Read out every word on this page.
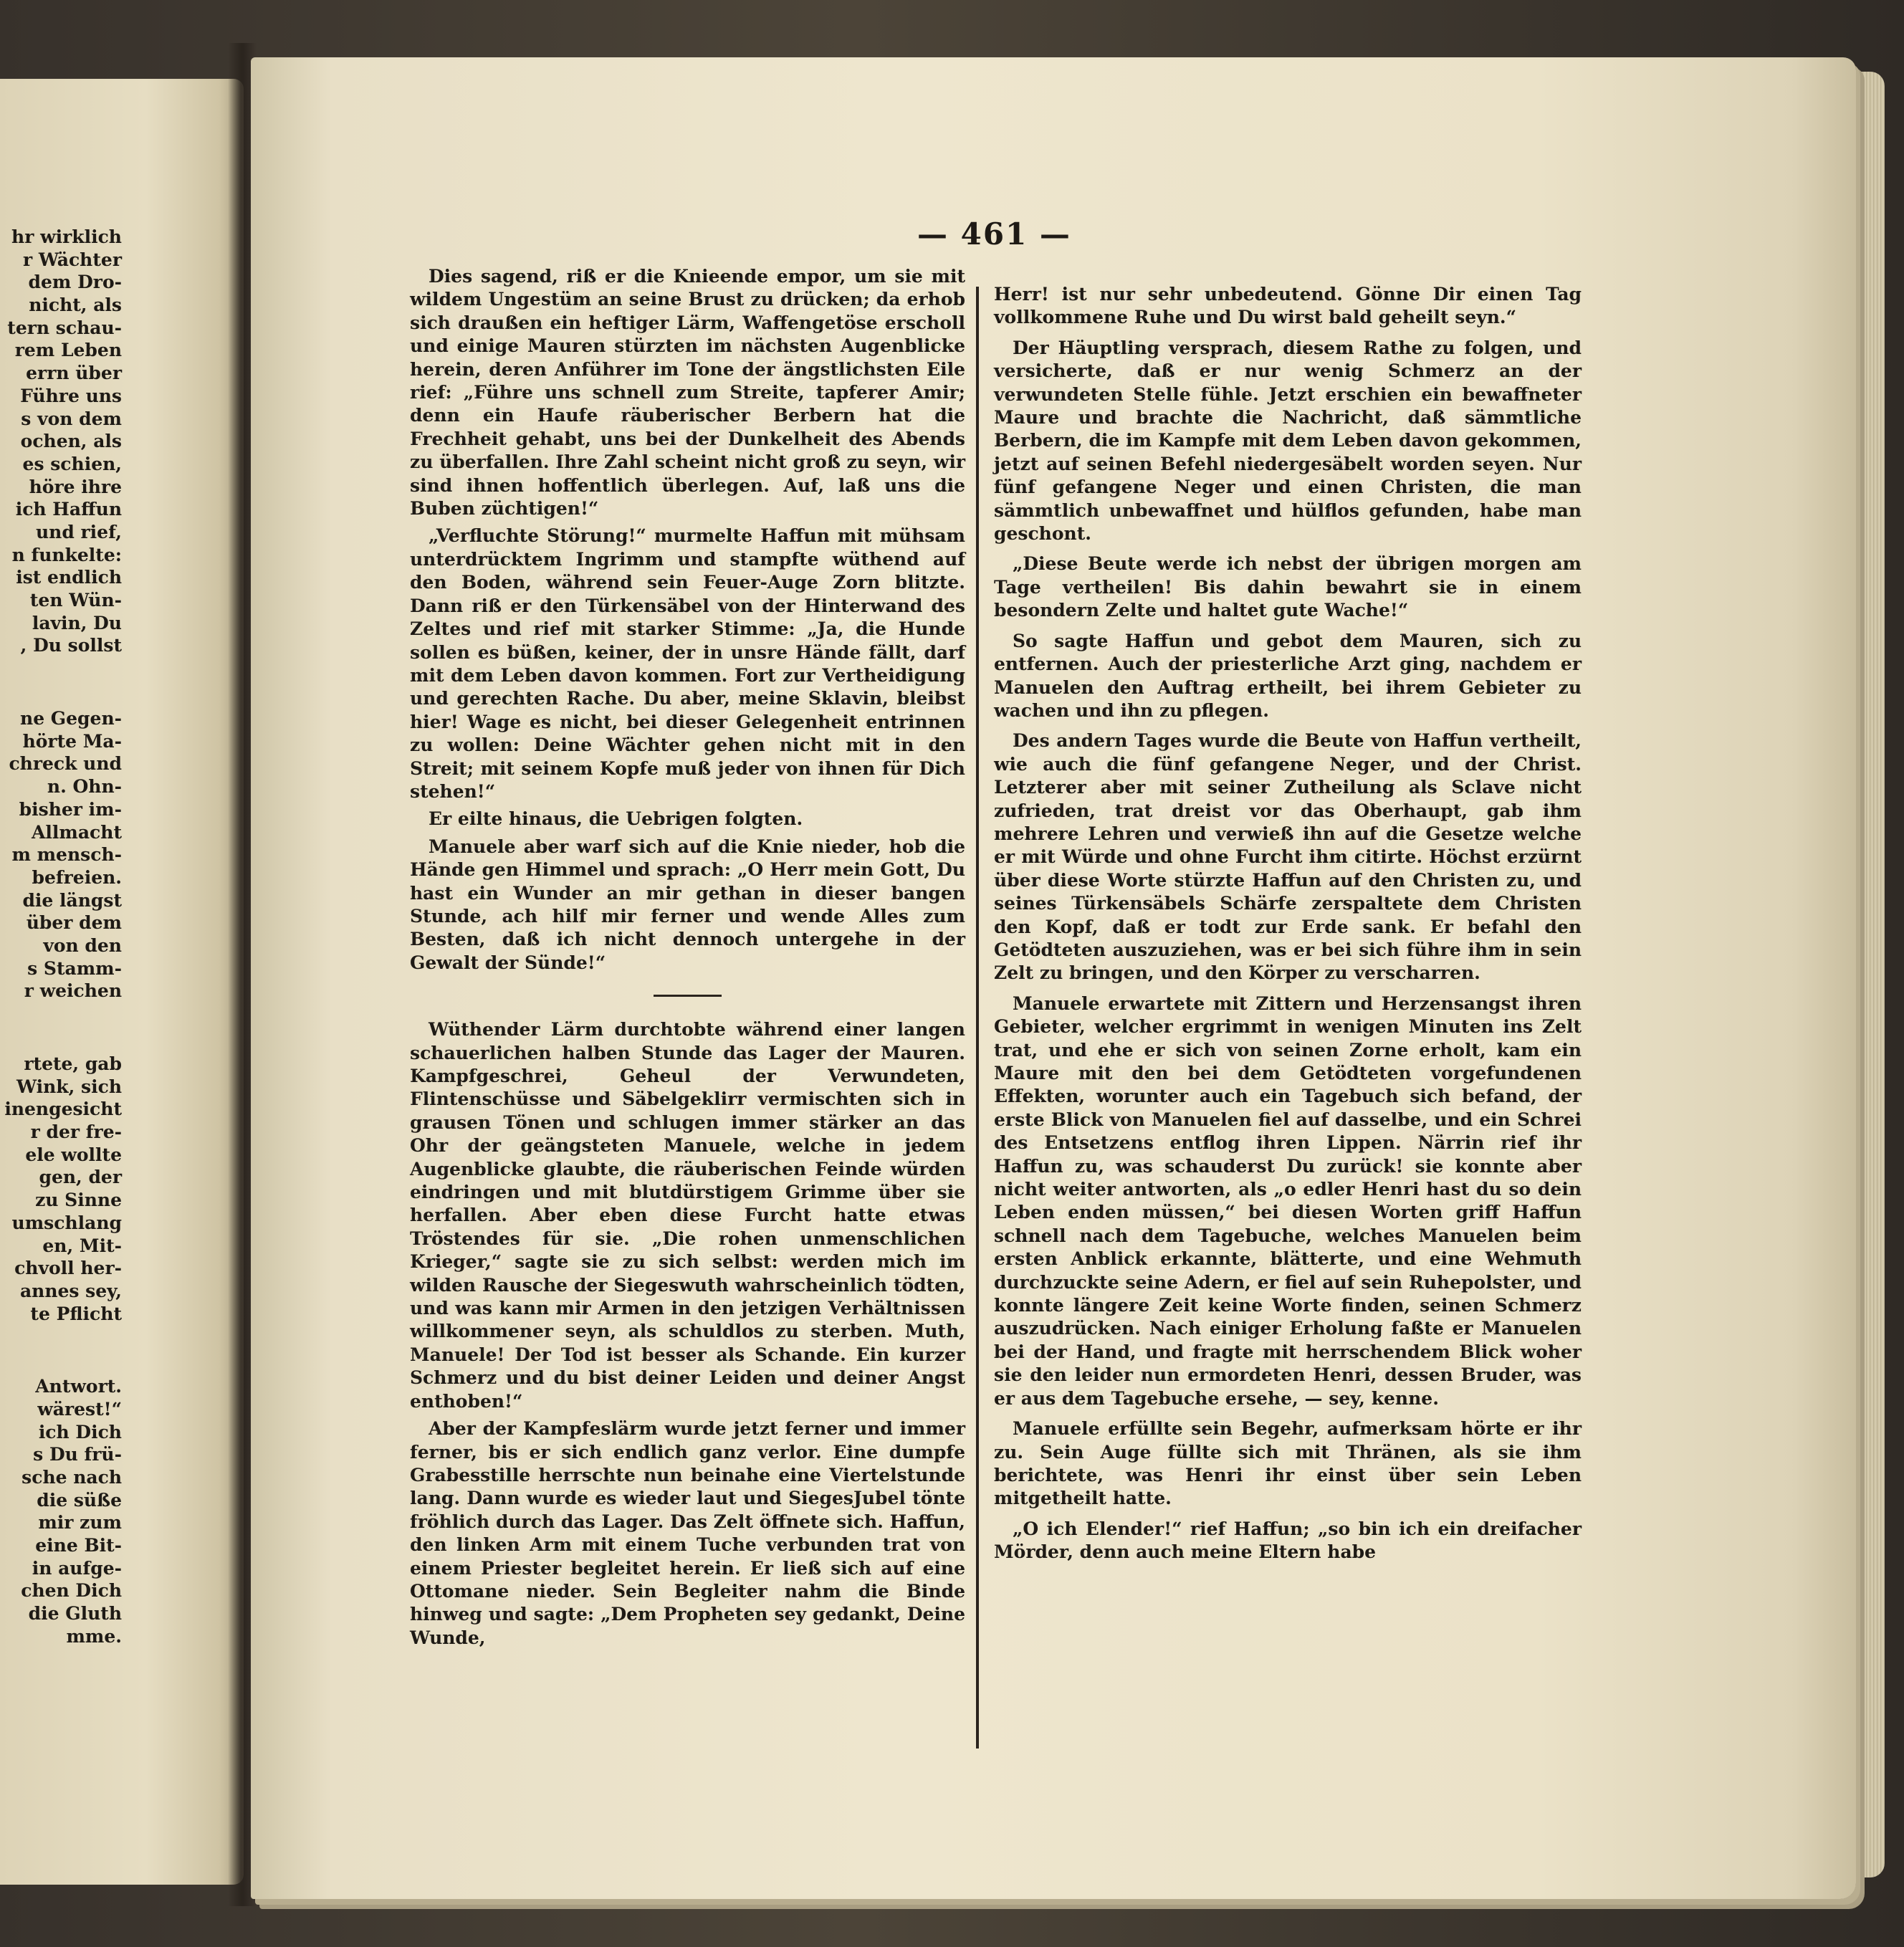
hr wirklich
r Wächter
dem Dro-
nicht, als
tern schau-
rem Leben
errn über
Führe uns
s von dem
ochen, als
es schien,
höre ihre
ich Haffun
und rief,
n funkelte:
ist endlich
ten Wün-
lavin, Du
, Du sollst
ne Gegen-
hörte Ma-
chreck und
n. Ohn-
bisher im-
Allmacht
m mensch-
befreien.
die längst
über dem
von den
s Stamm-
r weichen
rtete, gab
Wink, sich
inengesicht
r der fre-
ele wollte
gen, der
zu Sinne
umschlang
en, Mit-
chvoll her-
annes sey,
te Pflicht
Antwort.
wärest!“
ich Dich
s Du frü-
sche nach
die süße
mir zum
eine Bit-
in aufge-
chen Dich
die Gluth
mme.
— 461 —

Dies sagend, riß er die Knieende empor, um sie mit wildem Ungestüm an seine Brust zu drücken; da erhob sich draußen ein heftiger Lärm, Waffengetöse erscholl und einige Mauren stürzten im nächsten Augenblicke herein, deren Anführer im Tone der ängstlichsten Eile rief: „Führe uns schnell zum Streite, tapferer Amir; denn ein Haufe räuberischer Berbern hat die Frechheit gehabt, uns bei der Dunkelheit des Abends zu überfallen. Ihre Zahl scheint nicht groß zu seyn, wir sind ihnen hoffentlich überlegen. Auf, laß uns die Buben züchtigen!“

„Verfluchte Störung!“ murmelte Haffun mit mühsam unterdrücktem Ingrimm und stampfte wüthend auf den Boden, während sein Feuer-Auge Zorn blitzte. Dann riß er den Türkensäbel von der Hinterwand des Zeltes und rief mit starker Stimme: „Ja, die Hunde sollen es büßen, keiner, der in unsre Hände fällt, darf mit dem Leben davon kommen. Fort zur Vertheidigung und gerechten Rache. Du aber, meine Sklavin, bleibst hier! Wage es nicht, bei dieser Gelegenheit entrinnen zu wollen: Deine Wächter gehen nicht mit in den Streit; mit seinem Kopfe muß jeder von ihnen für Dich stehen!“

Er eilte hinaus, die Uebrigen folgten.

Manuele aber warf sich auf die Knie nieder, hob die Hände gen Himmel und sprach: „O Herr mein Gott, Du hast ein Wunder an mir gethan in dieser bangen Stunde, ach hilf mir ferner und wende Alles zum Besten, daß ich nicht dennoch untergehe in der Gewalt der Sünde!“

Wüthender Lärm durchtobte während einer langen schauerlichen halben Stunde das Lager der Mauren. Kampfgeschrei, Geheul der Verwundeten, Flintenschüsse und Säbelgeklirr vermischten sich in grausen Tönen und schlugen immer stärker an das Ohr der geängsteten Manuele, welche in jedem Augenblicke glaubte, die räuberischen Feinde würden eindringen und mit blutdürstigem Grimme über sie herfallen. Aber eben diese Furcht hatte etwas Tröstendes für sie. „Die rohen unmenschlichen Krieger,“ sagte sie zu sich selbst: werden mich im wilden Rausche der Siegeswuth wahrscheinlich tödten, und was kann mir Armen in den jetzigen Verhältnissen willkommener seyn, als schuldlos zu sterben. Muth, Manuele! Der Tod ist besser als Schande. Ein kurzer Schmerz und du bist deiner Leiden und deiner Angst enthoben!“

Aber der Kampfeslärm wurde jetzt ferner und immer ferner, bis er sich endlich ganz verlor. Eine dumpfe Grabesstille herrschte nun beinahe eine Viertelstunde lang. Dann wurde es wieder laut und SiegesJubel tönte fröhlich durch das Lager. Das Zelt öffnete sich. Haffun, den linken Arm mit einem Tuche verbunden trat von einem Priester begleitet herein. Er ließ sich auf eine Ottomane nieder. Sein Begleiter nahm die Binde hinweg und sagte: „Dem Propheten sey gedankt, Deine Wunde,

Herr! ist nur sehr unbedeutend. Gönne Dir einen Tag vollkommene Ruhe und Du wirst bald geheilt seyn.“

Der Häuptling versprach, diesem Rathe zu folgen, und versicherte, daß er nur wenig Schmerz an der verwundeten Stelle fühle. Jetzt erschien ein bewaffneter Maure und brachte die Nachricht, daß sämmtliche Berbern, die im Kampfe mit dem Leben davon gekommen, jetzt auf seinen Befehl niedergesäbelt worden seyen. Nur fünf gefangene Neger und einen Christen, die man sämmtlich unbewaffnet und hülflos gefunden, habe man geschont.

„Diese Beute werde ich nebst der übrigen morgen am Tage vertheilen! Bis dahin bewahrt sie in einem besondern Zelte und haltet gute Wache!“

So sagte Haffun und gebot dem Mauren, sich zu entfernen. Auch der priesterliche Arzt ging, nachdem er Manuelen den Auftrag ertheilt, bei ihrem Gebieter zu wachen und ihn zu pflegen.

Des andern Tages wurde die Beute von Haffun vertheilt, wie auch die fünf gefangene Neger, und der Christ. Letzterer aber mit seiner Zutheilung als Sclave nicht zufrieden, trat dreist vor das Oberhaupt, gab ihm mehrere Lehren und verwieß ihn auf die Gesetze welche er mit Würde und ohne Furcht ihm citirte. Höchst erzürnt über diese Worte stürzte Haffun auf den Christen zu, und seines Türkensäbels Schärfe zerspaltete dem Christen den Kopf, daß er todt zur Erde sank. Er befahl den Getödteten auszuziehen, was er bei sich führe ihm in sein Zelt zu bringen, und den Körper zu verscharren.

Manuele erwartete mit Zittern und Herzensangst ihren Gebieter, welcher ergrimmt in wenigen Minuten ins Zelt trat, und ehe er sich von seinen Zorne erholt, kam ein Maure mit den bei dem Getödteten vorgefundenen Effekten, worunter auch ein Tagebuch sich befand, der erste Blick von Manuelen fiel auf dasselbe, und ein Schrei des Entsetzens entflog ihren Lippen. Närrin rief ihr Haffun zu, was schauderst Du zurück! sie konnte aber nicht weiter antworten, als „o edler Henri hast du so dein Leben enden müssen,“ bei diesen Worten griff Haffun schnell nach dem Tagebuche, welches Manuelen beim ersten Anblick erkannte, blätterte, und eine Wehmuth durchzuckte seine Adern, er fiel auf sein Ruhepolster, und konnte längere Zeit keine Worte finden, seinen Schmerz auszudrücken. Nach einiger Erholung faßte er Manuelen bei der Hand, und fragte mit herrschendem Blick woher sie den leider nun ermordeten Henri, dessen Bruder, was er aus dem Tagebuche ersehe, — sey, kenne.

Manuele erfüllte sein Begehr, aufmerksam hörte er ihr zu. Sein Auge füllte sich mit Thränen, als sie ihm berichtete, was Henri ihr einst über sein Leben mitgetheilt hatte.

„O ich Elender!“ rief Haffun; „so bin ich ein dreifacher Mörder, denn auch meine Eltern habe
